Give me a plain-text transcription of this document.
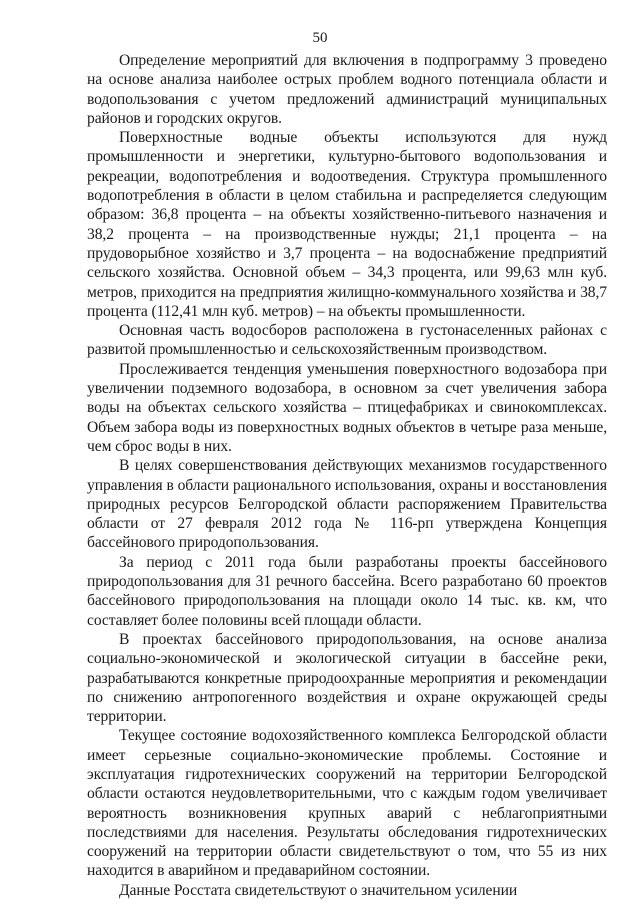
50

Определение мероприятий для включения в подпрограмму 3 проведено на основе анализа наиболее острых проблем водного потенциала области и водопользования с учетом предложений администраций муниципальных районов и городских округов.

Поверхностные водные объекты используются для нужд промышленности и энергетики, культурно-бытового водопользования и рекреации, водопотребления и водоотведения. Структура промышленного водопотребления в области в целом стабильна и распределяется следующим образом: 36,8 процента – на объекты хозяйственно-питьевого назначения и 38,2 процента – на производственные нужды; 21,1 процента – на прудоворыбное хозяйство и 3,7 процента – на водоснабжение предприятий сельского хозяйства. Основной объем – 34,3 процента, или 99,63 млн куб. метров, приходится на предприятия жилищно-коммунального хозяйства и 38,7 процента (112,41 млн куб. метров) – на объекты промышленности.

Основная часть водосборов расположена в густонаселенных районах с развитой промышленностью и сельскохозяйственным производством.

Прослеживается тенденция уменьшения поверхностного водозабора при увеличении подземного водозабора, в основном за счет увеличения забора воды на объектах сельского хозяйства – птицефабриках и свинокомплексах. Объем забора воды из поверхностных водных объектов в четыре раза меньше, чем сброс воды в них.

В целях совершенствования действующих механизмов государственного управления в области рационального использования, охраны и восстановления природных ресурсов Белгородской области распоряжением Правительства области от 27 февраля 2012 года № 116-рп утверждена Концепция бассейнового природопользования.

За период с 2011 года были разработаны проекты бассейнового природопользования для 31 речного бассейна. Всего разработано 60 проектов бассейнового природопользования на площади около 14 тыс. кв. км, что составляет более половины всей площади области.

В проектах бассейнового природопользования, на основе анализа социально-экономической и экологической ситуации в бассейне реки, разрабатываются конкретные природоохранные мероприятия и рекомендации по снижению антропогенного воздействия и охране окружающей среды территории.

Текущее состояние водохозяйственного комплекса Белгородской области имеет серьезные социально-экономические проблемы. Состояние и эксплуатация гидротехнических сооружений на территории Белгородской области остаются неудовлетворительными, что с каждым годом увеличивает вероятность возникновения крупных аварий с неблагоприятными последствиями для населения. Результаты обследования гидротехнических сооружений на территории области свидетельствуют о том, что 55 из них находится в аварийном и предаварийном состоянии.

Данные Росстата свидетельствуют о значительном усилении
